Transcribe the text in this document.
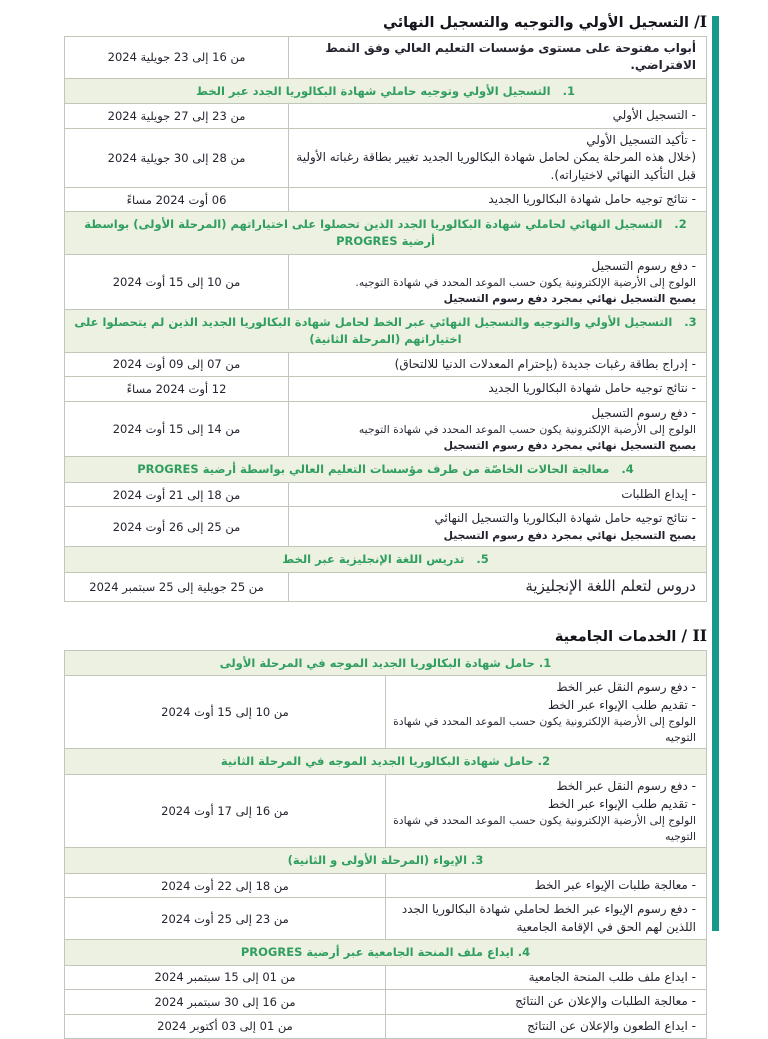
I/ التسجيل الأولي والتوجيه والتسجيل النهائي
أبواب مفتوحة على مستوى مؤسسات التعليم العالي وفق النمط الافتراضي.	من 16 إلى 23 جويلية 2024
1.   التسجيل الأولي وتوجيه حاملي شهادة البكالوريا الجدد عبر الخط	

- التسجيل الأولي	من 23 إلى 27 جويلية 2024

- تأكيد التسجيل الأولي
(خلال هذه المرحلة يمكن لحامل شهادة البكالوريا الجديد تغيير بطاقة رغباته الأولية قبل التأكيد النهائي لاختياراته).	من 28 إلى 30 جويلية 2024

- نتائج توجيه حامل شهادة البكالوريا الجديد	06 أوت 2024 مساءً
2.   التسجيل النهائي لحاملي شهادة البكالوريا الجدد الذين تحصلوا على اختياراتهم (المرحلة الأولى) بواسطة أرضية PROGRES	

- دفع رسوم التسجيل
الولوج إلى الأرضية الإلكترونية يكون حسب الموعد المحدد في شهادة التوجيه.
يصبح التسجيل نهائي بمجرد دفع رسوم التسجيل	من 10 إلى 15 أوت 2024
3.   التسجيل الأولي والتوجيه والتسجيل النهائي عبر الخط لحامل شهادة البكالوريا الجديد الذين لم يتحصلوا على اختياراتهم (المرحلة الثانية)	

- إدراج بطاقة رغبات جديدة (بإحترام المعدلات الدنيا للالتحاق)	من 07 إلى 09 أوت 2024

- نتائج توجيه حامل شهادة البكالوريا الجديد	12 أوت 2024 مساءً

- دفع رسوم التسجيل
الولوج إلى الأرضية الإلكترونية يكون حسب الموعد المحدد في شهادة التوجيه
يصبح التسجيل نهائي بمجرد دفع رسوم التسجيل	من 14 إلى 15 أوت 2024
4.   معالجة الحالات الخاصّة من طرف مؤسسات التعليم العالي بواسطة أرضية PROGRES	

- إيداع الطلبات	من 18 إلى 21 أوت 2024

- نتائج توجيه حامل شهادة البكالوريا والتسجيل النهائي
يصبح التسجيل نهائي بمجرد دفع رسوم التسجيل	من 25 إلى 26 أوت 2024
5.   تدريس اللغة الإنجليزية عبر الخط	

دروس لتعلم اللغة الإنجليزية	من 25 جويلية إلى 25 سبتمبر 2024
II / الخدمات الجامعية
1. حامل شهادة البكالوريا الجديد الموجه في المرحلة الأولى	

- دفع رسوم النقل عبر الخط
- تقديم طلب الإيواء عبر الخط
الولوج إلى الأرضية الإلكترونية يكون حسب الموعد المحدد في شهادة التوجيه	من 10 إلى 15 أوت 2024
2. حامل شهادة البكالوريا الجديد الموجه في المرحلة الثانية	

- دفع رسوم النقل عبر الخط
- تقديم طلب الإيواء عبر الخط
الولوج إلى الأرضية الإلكترونية يكون حسب الموعد المحدد في شهادة التوجيه	من 16 إلى 17 أوت 2024
3. الإيواء (المرحلة الأولى و الثانية)	

- معالجة طلبات الإيواء عبر الخط	من 18 إلى 22 أوت 2024

- دفع رسوم الإيواء عبر الخط لحاملي شهادة البكالوريا الجدد اللذين لهم الحق في الإقامة الجامعية	من 23 إلى 25 أوت 2024
4. ايداع ملف المنحة الجامعية عبر أرضية PROGRES	

- ايداع ملف طلب المنحة الجامعية	من 01 إلى 15 سبتمبر 2024

- معالجة الطلبات والإعلان عن النتائج	من 16 إلى 30 سبتمبر 2024

- ايداع الطعون والإعلان عن النتائج	من 01 إلى 03 أكتوبر 2024
